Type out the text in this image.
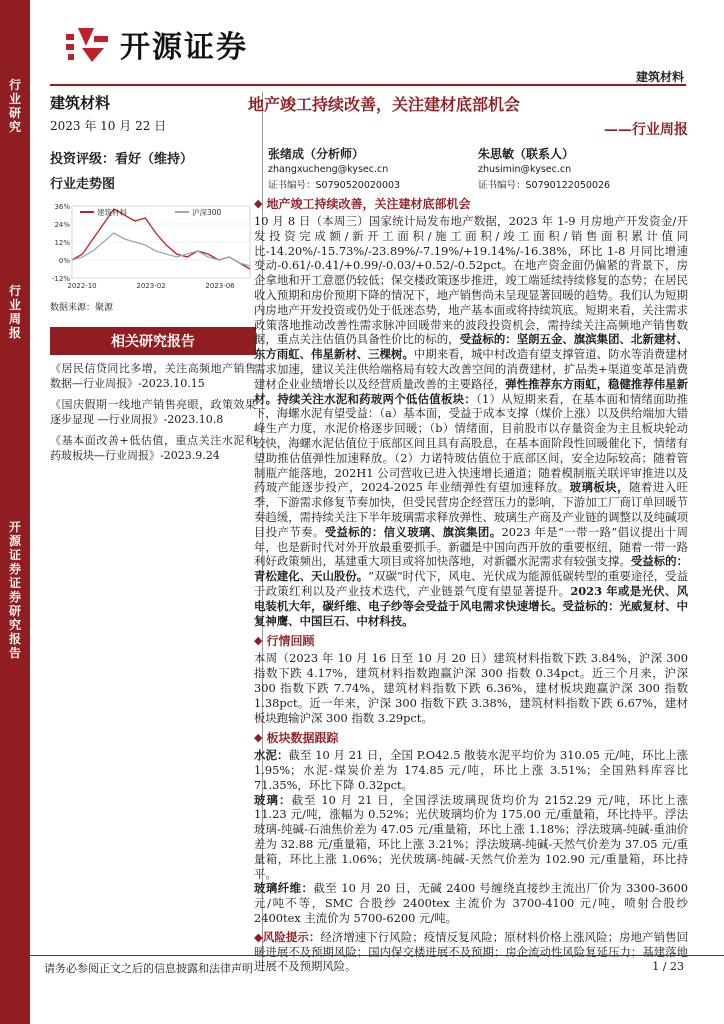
行
业
研
究
行
业
周
报
开
源
证
券
证
券
研
究
报
告
开源证券
建筑材料
建筑材料
2023 年 10 月 22 日
投资评级：看好（维持）
行业走势图
36%
24%
12%
0%
-12%
2022-10	2023-02	2023-06
建筑材料	沪深300
数据来源：聚源
相关研究报告
《居民信贷同比多增，关注高频地产销售数据—行业周报》-2023.10.15
《国庆假期一线地产销售亮眼，政策效果逐步显现 —行业周报》-2023.10.8
《基本面改善+低估值，重点关注水泥和药玻板块—行业周报》-2023.9.24
地产竣工持续改善，关注建材底部机会
——行业周报
张绪成（分析师）
zhangxucheng@kysec.cn
证书编号：S0790520020003
朱思敏（联系人）
zhusimin@kysec.cn
证书编号：S0790122050026
◆ 地产竣工持续改善，关注建材底部机会
10 月 8 日（本周三）国家统计局发布地产数据，2023 年 1-9 月房地产开发资金/开发投资完成额/新开工面积/施工面积/竣工面积/销售面积累计值同比-14.20%/-15.73%/-23.89%/-7.19%/+19.14%/-16.38%，环比 1-8 月同比增速变动-0.61/-0.41/+0.99/-0.03/+0.52/-0.52pct。在地产资金面仍偏紧的背景下，房企拿地和开工意愿仍较低；保交楼政策逐步推进，竣工端延续持续修复的态势；在居民收入预期和房价预期下降的情况下，地产销售尚未呈现显著回暖的趋势。我们认为短期内房地产开发投资或仍处于低迷态势，地产基本面或将持续筑底。短期来看，关注需求政策落地推动改善性需求脉冲回暖带来的波段投资机会，需持续关注高频地产销售数据，重点关注估值仍具备性价比的标的，受益标的：坚朗五金、旗滨集团、北新建材、东方雨虹、伟星新材、三棵树。中期来看，城中村改造有望支撑管道、防水等消费建材需求加速，建议关注供给端格局有较大改善空间的消费建材，扩品类+渠道变革是消费建材企业业绩增长以及经营质量改善的主要路径，弹性推荐东方雨虹，稳健推荐伟星新材。持续关注水泥和药玻两个低估值板块：（1）从短期来看，在基本面和情绪面助推下，海螺水泥有望受益：（a）基本面，受益于成本支撑（煤价上涨）以及供给端加大错峰生产力度，水泥价格逐步回暖；（b）情绪面，目前股市以存量资金为主且板块轮动较快，海螺水泥估值位于底部区间且具有高股息，在基本面阶段性回暖催化下，情绪有望助推估值弹性加速释放。（2）力诺特玻估值位于底部区间，安全边际较高；随着管制瓶产能落地，202H1 公司营收已进入快速增长通道；随着模制瓶关联评审推进以及药玻产能逐步投产，2024-2025 年业绩弹性有望加速释放。玻璃板块，随着进入旺季，下游需求修复节奏加快，但受民营房企经营压力的影响，下游加工厂商订单回暖节奏趋缓，需持续关注下半年玻璃需求释放弹性、玻璃生产商及产业链的调整以及纯碱项目投产节奏。受益标的：信义玻璃、旗滨集团。2023 年是“一带一路”倡议提出十周年，也是新时代对外开放最重要抓手。新疆是中国向西开放的重要枢纽，随着一带一路利好政策频出，基建重大项目或将加快落地，对新疆水泥需求有较强支撑。受益标的：青松建化、天山股份。“双碳”时代下，风电、光伏成为能源低碳转型的重要途径，受益于政策红利以及产业技术迭代，产业链景气度有望显著提升。2023 年或是光伏、风电装机大年，碳纤维、电子纱等会受益于风电需求快速增长。受益标的：光威复材、中复神鹰、中国巨石、中材科技。
◆ 行情回顾
本周（2023 年 10 月 16 日至 10 月 20 日）建筑材料指数下跌 3.84%，沪深 300 指数下跌 4.17%，建筑材料指数跑赢沪深 300 指数 0.34pct。近三个月来，沪深 300 指数下跌 7.74%，建筑材料指数下跌 6.36%，建材板块跑赢沪深 300 指数 1.38pct。近一年来，沪深 300 指数下跌 3.38%，建筑材料指数下跌 6.67%，建材板块跑输沪深 300 指数 3.29pct。
◆ 板块数据跟踪
水泥：截至 10 月 21 日，全国 P.O42.5 散装水泥平均价为 310.05 元/吨，环比上涨 1.95%；水泥-煤炭价差为 174.85 元/吨，环比上涨 3.51%；全国熟料库容比 71.35%，环比下降 0.32pct。
玻璃：截至 10 月 21 日，全国浮法玻璃现货均价为 2152.29 元/吨，环比上涨 11.23 元/吨，涨幅为 0.52%；光伏玻璃均价为 175.00 元/重量箱，环比持平。浮法玻璃-纯碱-石油焦价差为 47.05 元/重量箱，环比上涨 1.18%；浮法玻璃-纯碱-重油价差为 32.88 元/重量箱，环比上涨 3.21%；浮法玻璃-纯碱-天然气价差为 37.05 元/重量箱，环比上涨 1.06%；光伏玻璃-纯碱-天然气价差为 102.90 元/重量箱，环比持平。
玻璃纤维：截至 10 月 20 日，无碱 2400 号缠绕直接纱主流出厂价为 3300-3600 元/吨不等，SMC 合股纱 2400tex 主流价为 3700-4100 元/吨，喷射合股纱 2400tex 主流价为 5700-6200 元/吨。
◆风险提示：经济增速下行风险；疫情反复风险；原材料价格上涨风险；房地产销售回暖进展不及预期风险；国内保交楼进展不及预期；房企流动性风险复延压力；基建落地进展不及预期风险。
请务必参阅正文之后的信息披露和法律声明	1 / 23
